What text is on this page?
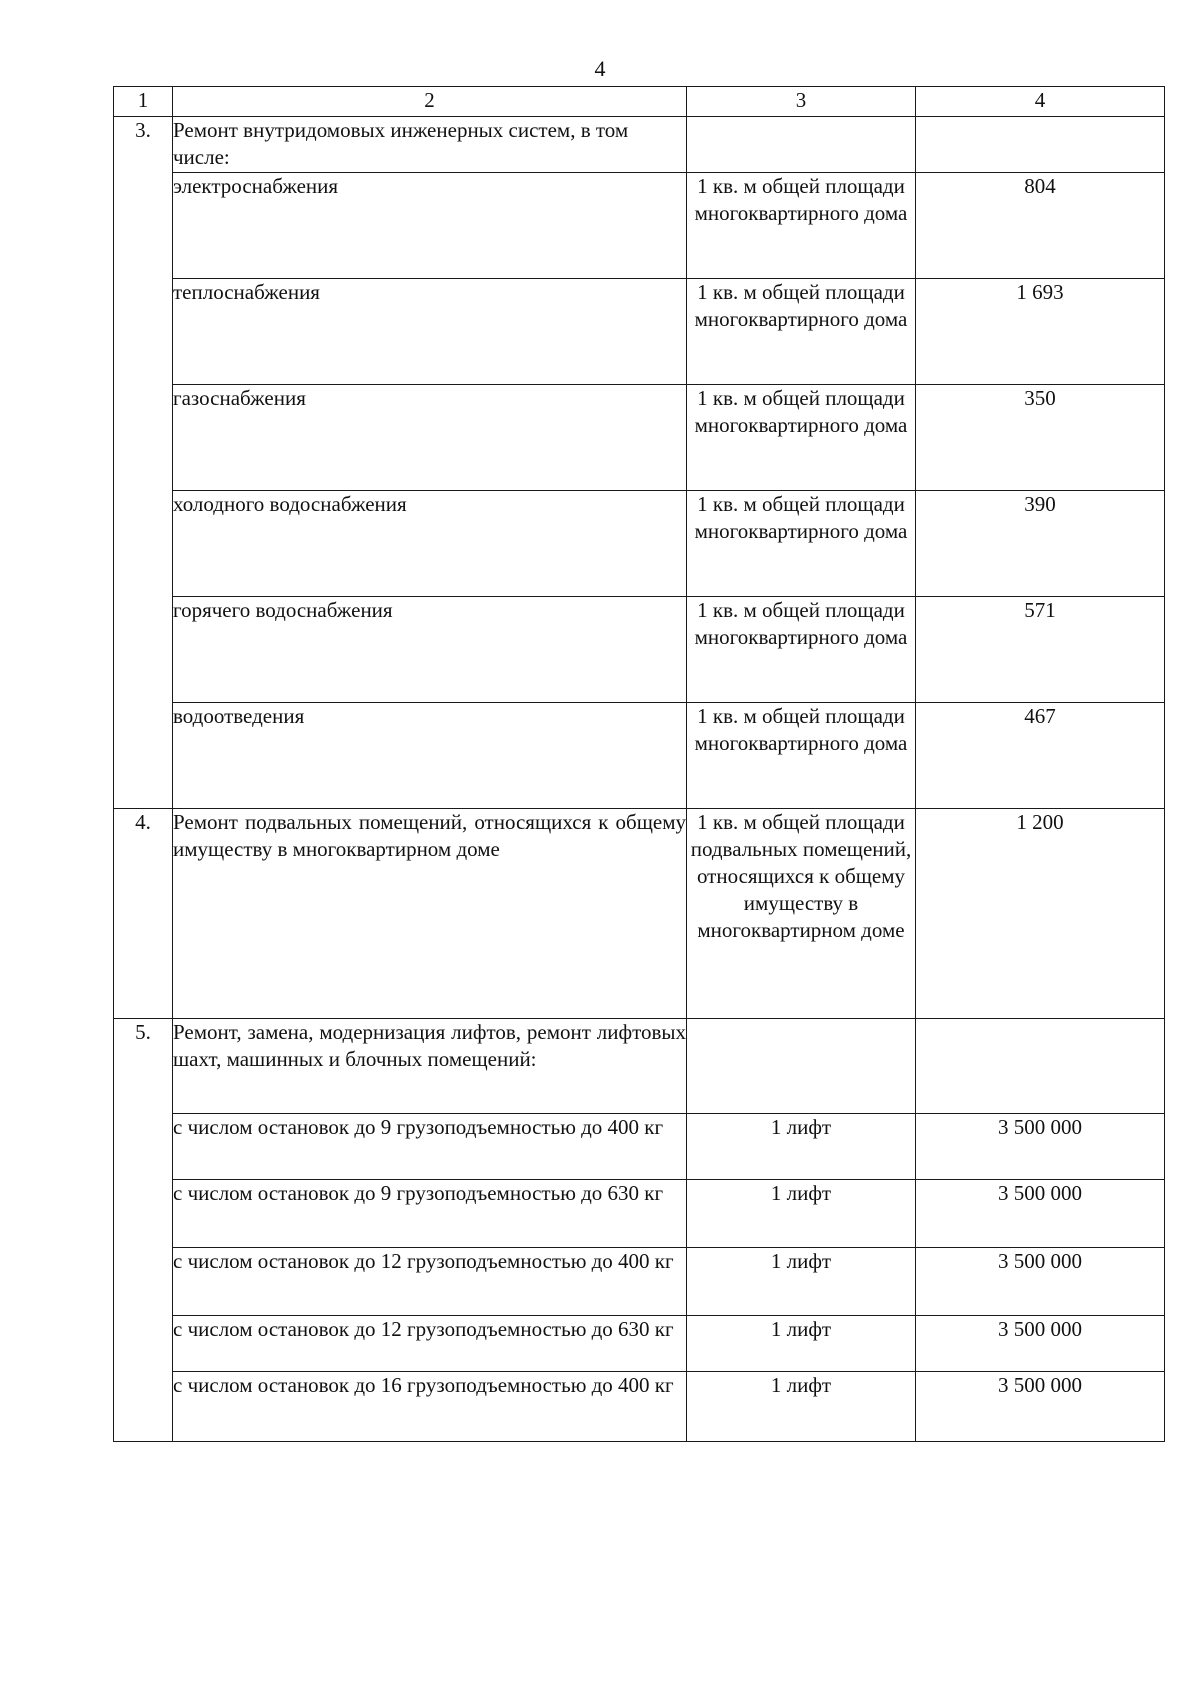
4
1	2	3	4

3.	Ремонт внутридомовых инженерных систем, в том числе:		
	электроснабжения	1 кв. м общей площади многоквартирного дома	804

	теплоснабжения	1 кв. м общей площади многоквартирного дома	1 693

	газоснабжения	1 кв. м общей площади многоквартирного дома	350

	холодного водоснабжения	1 кв. м общей площади многоквартирного дома	390

	горячего водоснабжения	1 кв. м общей площади многоквартирного дома	571

	водоотведения	1 кв. м общей площади многоквартирного дома	467

4.	Ремонт подвальных помещений, относящихся к общему имуществу в многоквартирном доме	1 кв. м общей площади подвальных помещений, относящихся к общему имуществу в многоквартирном доме	1 200

5.	Ремонт, замена, модернизация лифтов, ремонт лифтовых шахт, машинных и блочных помещений:		
	с числом остановок до 9 грузоподъемностью до 400 кг	1 лифт	3 500 000

	с числом остановок до 9 грузоподъемностью до 630 кг	1 лифт	3 500 000

	с числом остановок до 12 грузоподъемностью до 400 кг	1 лифт	3 500 000

	с числом остановок до 12 грузоподъемностью до 630 кг	1 лифт	3 500 000

	с числом остановок до 16 грузоподъемностью до 400 кг	1 лифт	3 500 000
